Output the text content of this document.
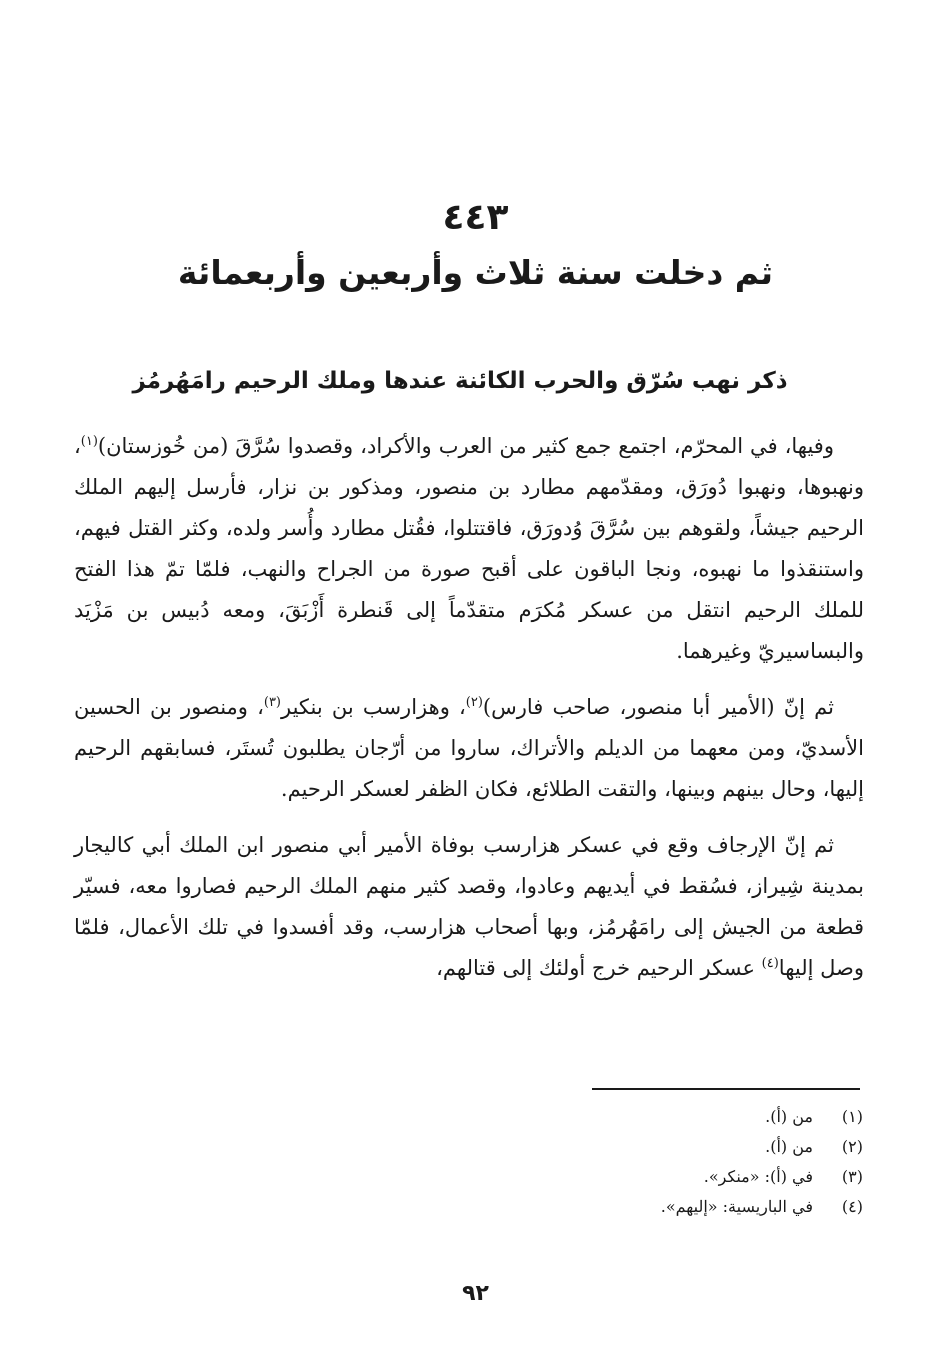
٤٤٣
ثم دخلت سنة ثلاث وأربعين وأربعمائة
ذكر نهب سُرّق والحرب الكائنة عندها وملك الرحيم رامَهُرمُز

وفيها، في المحرّم، اجتمع جمع كثير من العرب والأكراد، وقصدوا سُرَّقَ (من خُوزستان)$^{(١)}$، ونهبوها، ونهبوا دُورَق، ومقدّمهم مطارد بن منصور، ومذكور بن نزار، فأرسل إليهم الملك الرحيم جيشاً، ولقوهم بين سُرَّقَ وُدورَق، فاقتتلوا، فقُتل مطارد وأُسر ولده، وكثر القتل فيهم، واستنقذوا ما نهبوه، ونجا الباقون على أقبح صورة من الجراح والنهب، فلمّا تمّ هذا الفتح للملك الرحيم انتقل من عسكر مُكرَم متقدّماً إلى قَنطرة أَزْبَقَ، ومعه دُبيس بن مَزْيَد والبساسيريّ وغيرهما.

ثم إنّ (الأمير أبا منصور، صاحب فارس)$^{(٢)}$، وهزارسب بن بنكير$^{(٣)}$، ومنصور بن الحسين الأسديّ، ومن معهما من الديلم والأتراك، ساروا من أرّجان يطلبون تُستَر، فسابقهم الرحيم إليها، وحال بينهم وبينها، والتقت الطلائع، فكان الظفر لعسكر الرحيم.

ثم إنّ الإرجاف وقع في عسكر هزارسب بوفاة الأمير أبي منصور ابن الملك أبي كاليجار بمدينة شِيراز، فسُقط في أيديهم وعادوا، وقصد كثير منهم الملك الرحيم فصاروا معه، فسيّر قطعة من الجيش إلى رامَهُرمُز، وبها أصحاب هزارسب، وقد أفسدوا في تلك الأعمال، فلمّا وصل إليها$^{(٤)}$ عسكر الرحيم خرج أولئك إلى قتالهم،

(١)من (أ).
(٢)من (أ).
(٣)في (أ): «منكر».
(٤)في الباريسية: «إليهم».
٩٢
